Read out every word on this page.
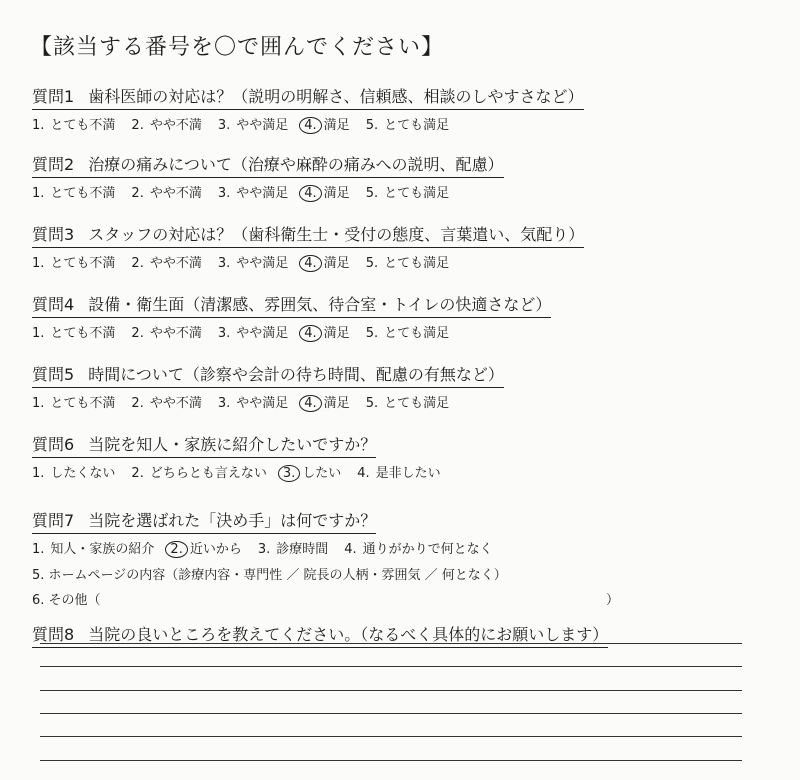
【該当する番号を〇で囲んでください】
質問1 歯科医師の対応は？（説明の明解さ、信頼感、相談のしやすさなど）
1. とても不満 2. やや不満 3. やや満足 4. 満足 5. とても満足
質問2 治療の痛みについて（治療や麻酔の痛みへの説明、配慮）
1. とても不満 2. やや不満 3. やや満足 4. 満足 5. とても満足
質問3 スタッフの対応は？（歯科衛生士・受付の態度、言葉遣い、気配り）
1. とても不満 2. やや不満 3. やや満足 4. 満足 5. とても満足
質問4 設備・衛生面（清潔感、雰囲気、待合室・トイレの快適さなど）
1. とても不満 2. やや不満 3. やや満足 4. 満足 5. とても満足
質問5 時間について（診察や会計の待ち時間、配慮の有無など）
1. とても不満 2. やや不満 3. やや満足 4. 満足 5. とても満足
質問6 当院を知人・家族に紹介したいですか？
1. したくない 2. どちらとも言えない 3. したい 4. 是非したい
質問7 当院を選ばれた「決め手」は何ですか？
1. 知人・家族の紹介 2. 近いから 3. 診療時間 4. 通りがかりで何となく
5. ホームページの内容（診療内容・専門性 ／ 院長の人柄・雰囲気 ／ 何となく）
6. その他（	）
質問8 当院の良いところを教えてください。（なるべく具体的にお願いします）
